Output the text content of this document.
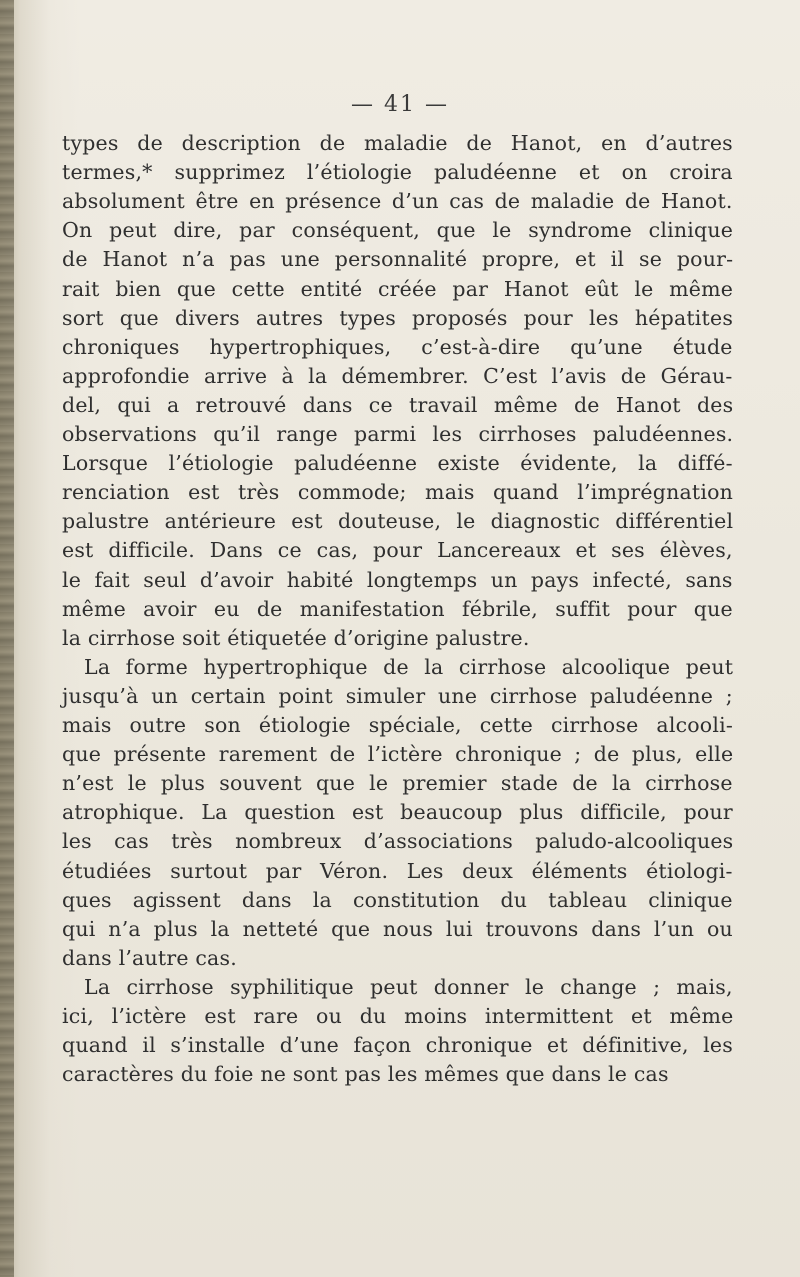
— 41 —
types de description de maladie de Hanot, en d’autres
termes,* supprimez l’étiologie paludéenne et on croira
absolument être en présence d’un cas de maladie de Hanot.
On peut dire, par conséquent, que le syndrome clinique
de Hanot n’a pas une personnalité propre, et il se pour-
rait bien que cette entité créée par Hanot eût le même
sort que divers autres types proposés pour les hépatites
chroniques hypertrophiques, c’est-à-dire qu’une étude
approfondie arrive à la démembrer. C’est l’avis de Gérau-
del, qui a retrouvé dans ce travail même de Hanot des
observations qu’il range parmi les cirrhoses paludéennes.
Lorsque l’étiologie paludéenne existe évidente, la diffé-
renciation est très commode; mais quand l’imprégnation
palustre antérieure est douteuse, le diagnostic différentiel
est difficile. Dans ce cas, pour Lancereaux et ses élèves,
le fait seul d’avoir habité longtemps un pays infecté, sans
même avoir eu de manifestation fébrile, suffit pour que
la cirrhose soit étiquetée d’origine palustre.
La forme hypertrophique de la cirrhose alcoolique peut
jusqu’à un certain point simuler une cirrhose paludéenne ;
mais outre son étiologie spéciale, cette cirrhose alcooli-
que présente rarement de l’ictère chronique ; de plus, elle
n’est le plus souvent que le premier stade de la cirrhose
atrophique. La question est beaucoup plus difficile, pour
les cas très nombreux d’associations paludo-alcooliques
étudiées surtout par Véron. Les deux éléments étiologi-
ques agissent dans la constitution du tableau clinique
qui n’a plus la netteté que nous lui trouvons dans l’un ou
dans l’autre cas.
La cirrhose syphilitique peut donner le change ; mais,
ici, l’ictère est rare ou du moins intermittent et même
quand il s’installe d’une façon chronique et définitive, les
caractères du foie ne sont pas les mêmes que dans le cas
